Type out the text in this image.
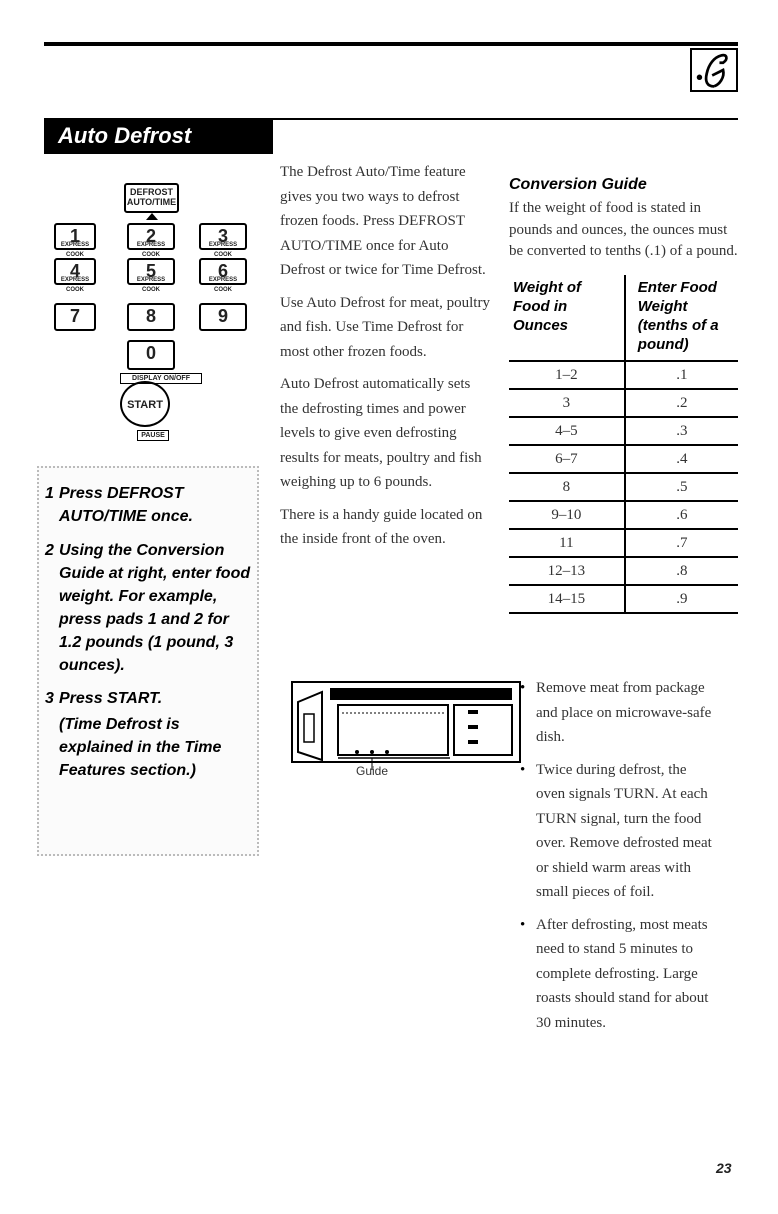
Auto Defrost
DEFROST
AUTO/TIME
1
EXPRESS COOK
2
EXPRESS COOK
3
EXPRESS COOK
4
EXPRESS COOK
5
EXPRESS COOK
6
EXPRESS COOK
7	8	9
0
DISPLAY ON/OFF
START
PAUSE
1 Press DEFROST AUTO/TIME once.
2 Using the Conversion Guide at right, enter food weight. For example, press pads 1 and 2 for 1.2 pounds (1 pound, 3 ounces).
3 Press START.
(Time Defrost is explained in the Time Features section.)

The Defrost Auto/Time feature gives you two ways to defrost frozen foods. Press DEFROST AUTO/TIME once for Auto Defrost or twice for Time Defrost.

Use Auto Defrost for meat, poultry and fish. Use Time Defrost for most other frozen foods.

Auto Defrost automatically sets the defrosting times and power levels to give even defrosting results for meats, poultry and fish weighing up to 6 pounds.

There is a handy guide located on the inside front of the oven.

Guide
Conversion Guide

If the weight of food is stated in pounds and ounces, the ounces must be converted to tenths (.1) of a pound.

Weight of Food in Ounces	Enter Food Weight (tenths of a pound)
1–2	.1
3	.2
4–5	.3
6–7	.4
8	.5
9–10	.6
11	.7
12–13	.8
14–15	.9
• Remove meat from package and place on microwave-safe dish.
• Twice during defrost, the oven signals TURN. At each TURN signal, turn the food over. Remove defrosted meat or shield warm areas with small pieces of foil.
• After defrosting, most meats need to stand 5 minutes to complete defrosting. Large roasts should stand for about 30 minutes.
23
